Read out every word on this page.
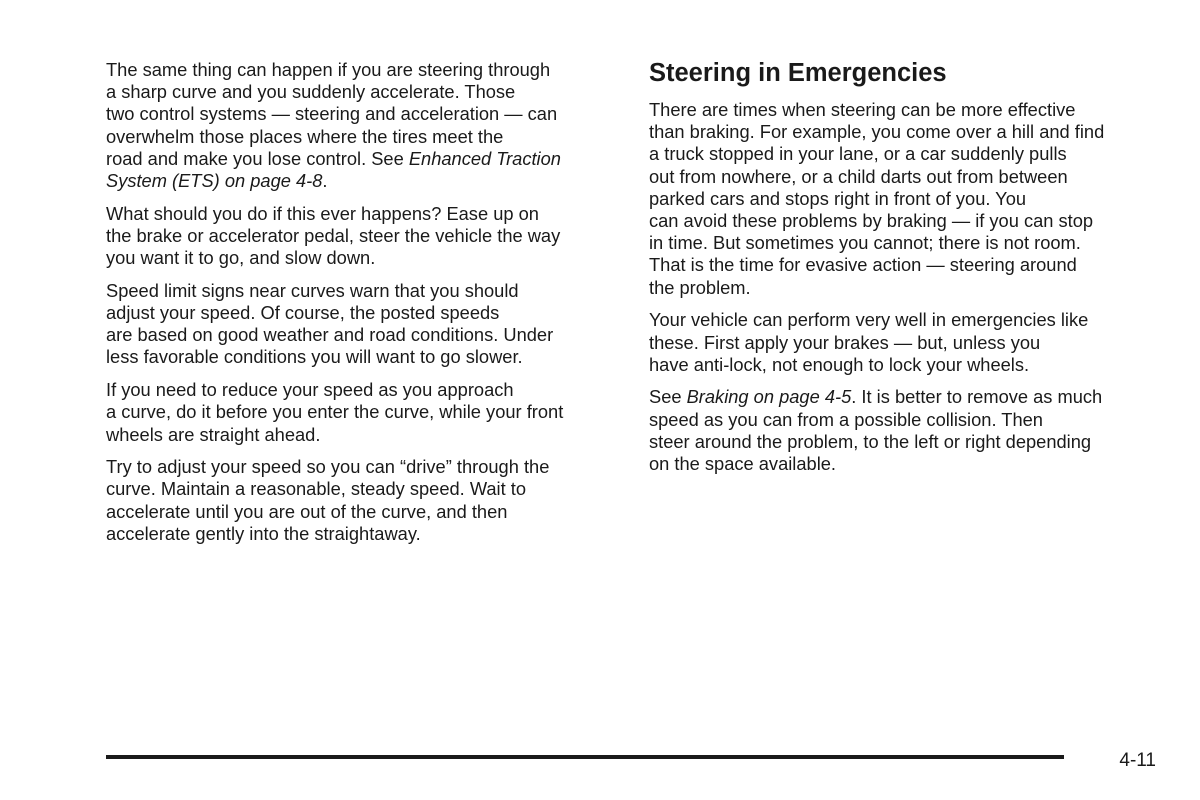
The same thing can happen if you are steering through
a sharp curve and you suddenly accelerate. Those
two control systems — steering and acceleration — can
overwhelm those places where the tires meet the
road and make you lose control. See Enhanced Traction
System (ETS) on page 4-8.

What should you do if this ever happens? Ease up on
the brake or accelerator pedal, steer the vehicle the way
you want it to go, and slow down.

Speed limit signs near curves warn that you should
adjust your speed. Of course, the posted speeds
are based on good weather and road conditions. Under
less favorable conditions you will want to go slower.

If you need to reduce your speed as you approach
a curve, do it before you enter the curve, while your front
wheels are straight ahead.

Try to adjust your speed so you can “drive” through the
curve. Maintain a reasonable, steady speed. Wait to
accelerate until you are out of the curve, and then
accelerate gently into the straightaway.

Steering in Emergencies

There are times when steering can be more effective
than braking. For example, you come over a hill and find
a truck stopped in your lane, or a car suddenly pulls
out from nowhere, or a child darts out from between
parked cars and stops right in front of you. You
can avoid these problems by braking — if you can stop
in time. But sometimes you cannot; there is not room.
That is the time for evasive action — steering around
the problem.

Your vehicle can perform very well in emergencies like
these. First apply your brakes — but, unless you
have anti-lock, not enough to lock your wheels.

See Braking on page 4-5. It is better to remove as much
speed as you can from a possible collision. Then
steer around the problem, to the left or right depending
on the space available.

4-11
